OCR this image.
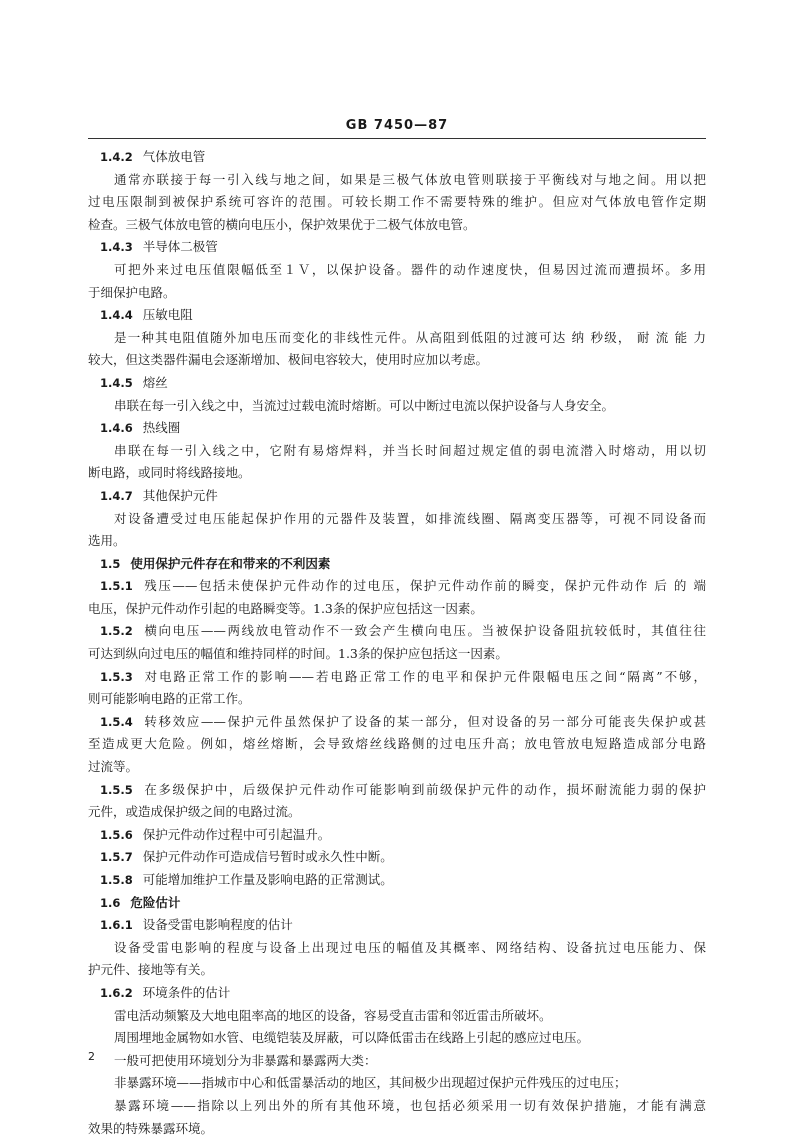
GB 7450—87
1.4.2 气体放电管
通常亦联接于每一引入线与地之间，如果是三极气体放电管则联接于平衡线对与地之间。用以把
过电压限制到被保护系统可容许的范围。可较长期工作不需要特殊的维护。但应对气体放电管作定期
检查。三极气体放电管的横向电压小，保护效果优于二极气体放电管。
1.4.3 半导体二极管
可把外来过电压值限幅低至１Ｖ，以保护设备。器件的动作速度快，但易因过流而遭损坏。多用
于细保护电路。
1.4.4 压敏电阻
是一种其电阻值随外加电压而变化的非线性元件。从高阻到低阻的过渡可达 纳 秒级， 耐 流 能 力
较大，但这类器件漏电会逐渐增加、极间电容较大，使用时应加以考虑。
1.4.5 熔丝
串联在每一引入线之中，当流过过载电流时熔断。可以中断过电流以保护设备与人身安全。
1.4.6 热线圈
串联在每一引入线之中，它附有易熔焊料，并当长时间超过规定值的弱电流潜入时熔动，用以切
断电路，或同时将线路接地。
1.4.7 其他保护元件
对设备遭受过电压能起保护作用的元器件及装置，如排流线圈、隔离变压器等，可视不同设备而
选用。
1.5 使用保护元件存在和带来的不利因素
1.5.1 残压——包括未使保护元件动作的过电压，保护元件动作前的瞬变，保护元件动作 后 的 端
电压，保护元件动作引起的电路瞬变等。1.3条的保护应包括这一因素。
1.5.2 横向电压——两线放电管动作不一致会产生横向电压。当被保护设备阻抗较低时，其值往往
可达到纵向过电压的幅值和维持同样的时间。1.3条的保护应包括这一因素。
1.5.3 对电路正常工作的影响——若电路正常工作的电平和保护元件限幅电压之间“隔离”不够，
则可能影响电路的正常工作。
1.5.4 转移效应——保护元件虽然保护了设备的某一部分，但对设备的另一部分可能丧失保护或甚
至造成更大危险。例如，熔丝熔断，会导致熔丝线路侧的过电压升高；放电管放电短路造成部分电路
过流等。
1.5.5 在多级保护中，后级保护元件动作可能影响到前级保护元件的动作，损坏耐流能力弱的保护
元件，或造成保护级之间的电路过流。
1.5.6 保护元件动作过程中可引起温升。
1.5.7 保护元件动作可造成信号暂时或永久性中断。
1.5.8 可能增加维护工作量及影响电路的正常测试。
1.6 危险估计
1.6.1 设备受雷电影响程度的估计
设备受雷电影响的程度与设备上出现过电压的幅值及其概率、网络结构、设备抗过电压能力、保
护元件、接地等有关。
1.6.2 环境条件的估计
雷电活动频繁及大地电阻率高的地区的设备，容易受直击雷和邻近雷击所破坏。
周围埋地金属物如水管、电缆铠装及屏蔽，可以降低雷击在线路上引起的感应过电压。
一般可把使用环境划分为非暴露和暴露两大类：
非暴露环境——指城市中心和低雷暴活动的地区，其间极少出现超过保护元件残压的过电压；
暴露环境——指除以上列出外的所有其他环境，也包括必须采用一切有效保护措施，才能有满意
效果的特殊暴露环境。
2
